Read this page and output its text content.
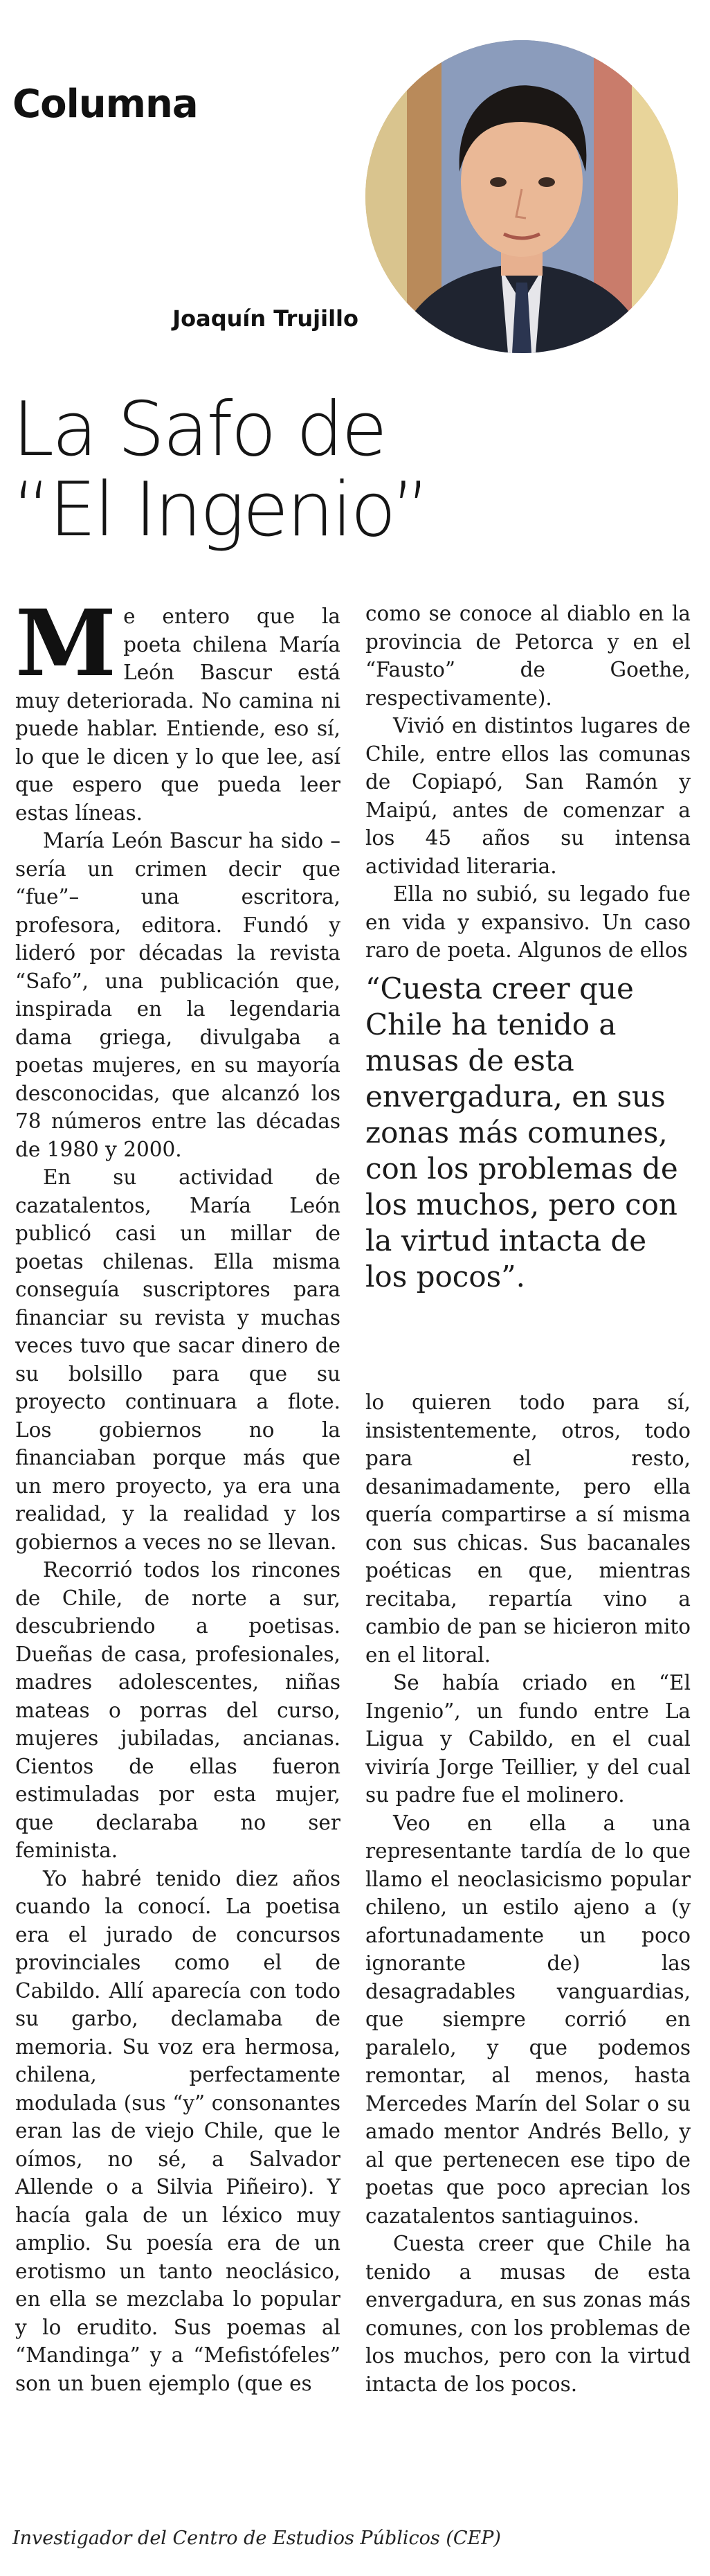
Columna
Joaquín Trujillo
La Safo de
“El Ingenio”

Me entero que la poeta chilena María León Bascur está muy deteriorada. No camina ni puede hablar. Entiende, eso sí, lo que le dicen y lo que lee, así que espero que pueda leer estas líneas.

María León Bascur ha sido –sería un crimen decir que “fue”– una escritora, profesora, editora. Fundó y lideró por décadas la revista “Safo”, una publicación que, inspirada en la legendaria dama griega, divulgaba a poetas mujeres, en su mayoría desconocidas, que alcanzó los 78 números entre las décadas de 1980 y 2000.

En su actividad de cazatalentos, María León publicó casi un millar de poetas chilenas. Ella misma conseguía suscriptores para financiar su revista y muchas veces tuvo que sacar dinero de su bolsillo para que su proyecto continuara a flote. Los gobiernos no la financiaban porque más que un mero proyecto, ya era una realidad, y la realidad y los gobiernos a veces no se llevan.

Recorrió todos los rincones de Chile, de norte a sur, descubriendo a poetisas. Dueñas de casa, profesionales, madres adolescentes, niñas mateas o porras del curso, mujeres jubiladas, ancianas. Cientos de ellas fueron estimuladas por esta mujer, que declaraba no ser feminista.

Yo habré tenido diez años cuando la conocí. La poetisa era el jurado de concursos provinciales como el de Cabildo. Allí aparecía con todo su garbo, declamaba de memoria. Su voz era hermosa, chilena, perfectamente modulada (sus “y” consonantes eran las de viejo Chile, que le oímos, no sé, a Salvador Allende o a Silvia Piñeiro). Y hacía gala de un léxico muy amplio. Su poesía era de un erotismo un tanto neoclásico, en ella se mezclaba lo popular y lo erudito. Sus poemas al “Mandinga” y a “Mefistófeles” son un buen ejemplo (que es

como se conoce al diablo en la provincia de Petorca y en el “Fausto” de Goethe, respectivamente).

Vivió en distintos lugares de Chile, entre ellos las comunas de Copiapó, San Ramón y Maipú, antes de comenzar a los 45 años su intensa actividad literaria.

Ella no subió, su legado fue en vida y expansivo. Un caso raro de poeta. Algunos de ellos

“Cuesta creer que Chile ha tenido a musas de esta envergadura, en sus zonas más comunes, con los problemas de los muchos, pero con la virtud intacta de los pocos”.

lo quieren todo para sí, insistentemente, otros, todo para el resto, desanimadamente, pero ella quería compartirse a sí misma con sus chicas. Sus bacanales poéticas en que, mientras recitaba, repartía vino a cambio de pan se hicieron mito en el litoral.

Se había criado en “El Ingenio”, un fundo entre La Ligua y Cabildo, en el cual viviría Jorge Teillier, y del cual su padre fue el molinero.

Veo en ella a una representante tardía de lo que llamo el neoclasicismo popular chileno, un estilo ajeno a (y afortunadamente un poco ignorante de) las desagradables vanguardias, que siempre corrió en paralelo, y que podemos remontar, al menos, hasta Mercedes Marín del Solar o su amado mentor Andrés Bello, y al que pertenecen ese tipo de poetas que poco aprecian los cazatalentos santiaguinos.

Cuesta creer que Chile ha tenido a musas de esta envergadura, en sus zonas más comunes, con los problemas de los muchos, pero con la virtud intacta de los pocos.

Investigador del Centro de Estudios Públicos (CEP)
